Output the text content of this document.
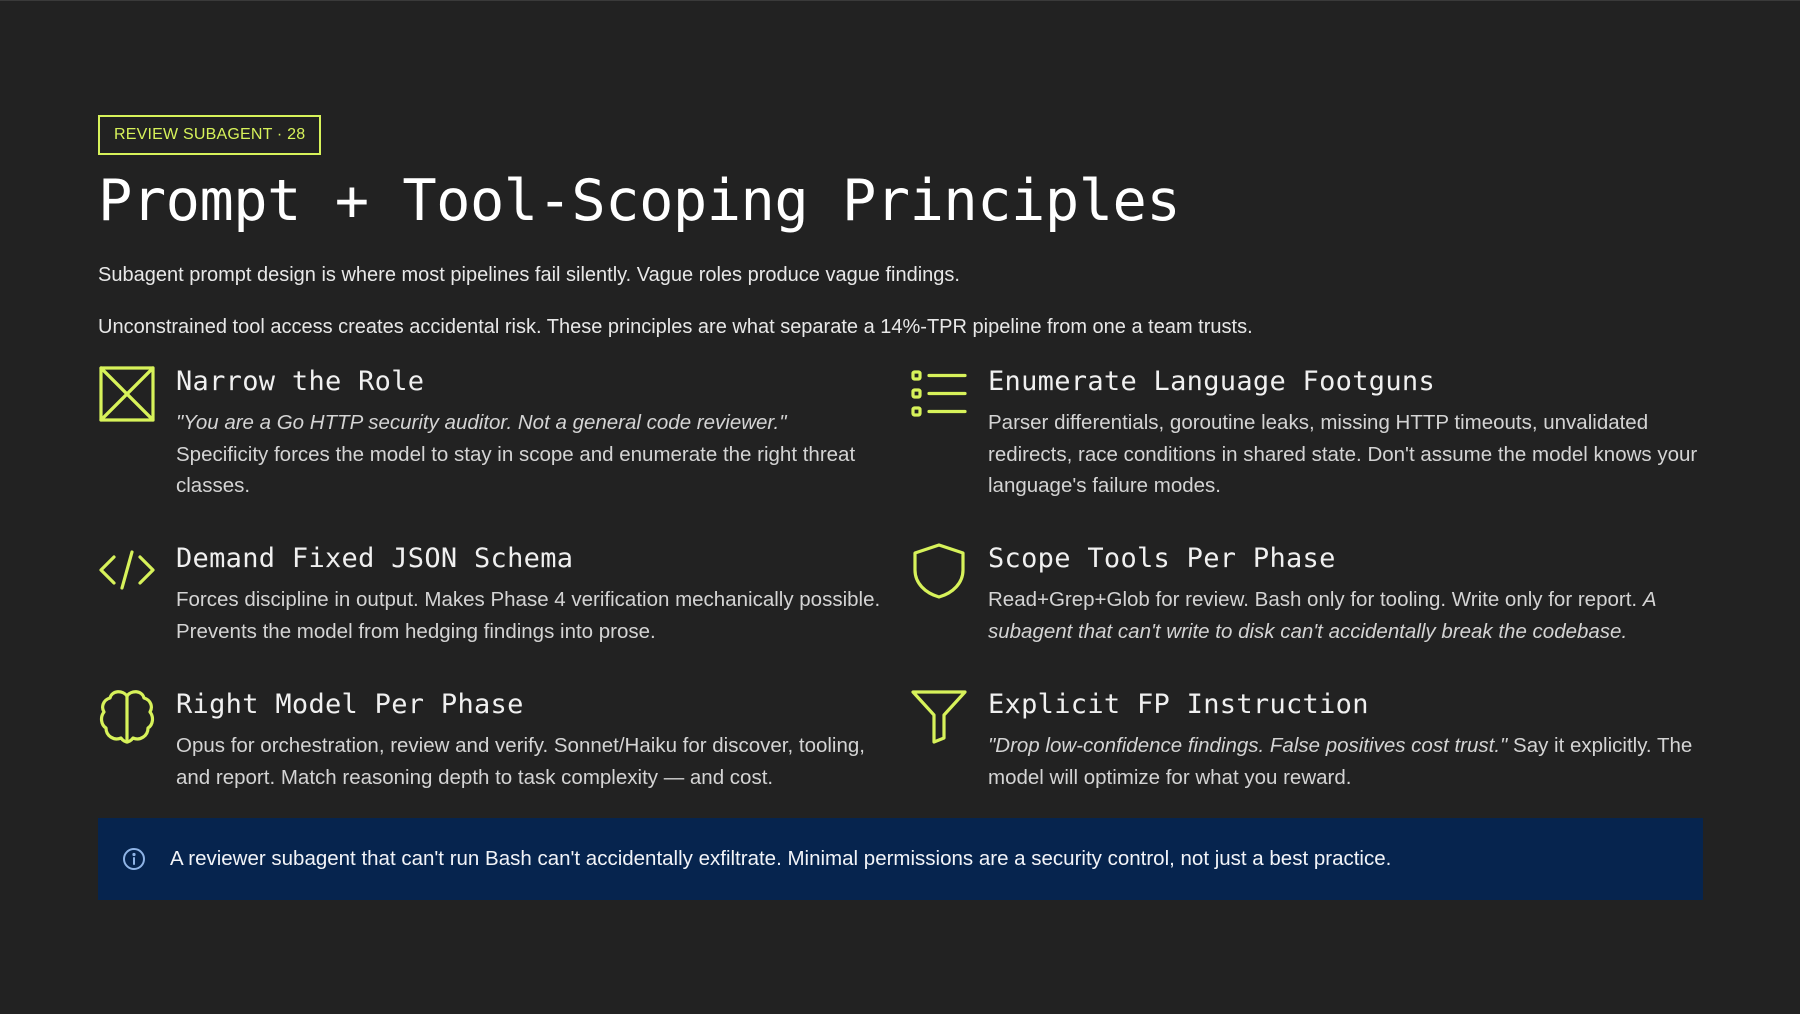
REVIEW SUBAGENT · 28
Prompt + Tool-Scoping Principles

Subagent prompt design is where most pipelines fail silently. Vague roles produce vague findings.

Unconstrained tool access creates accidental risk. These principles are what separate a 14%-TPR pipeline from one a team trusts.

Narrow the Role

"You are a Go HTTP security auditor. Not a general code reviewer."
Specificity forces the model to stay in scope and enumerate the right threat classes.

Enumerate Language Footguns

Parser differentials, goroutine leaks, missing HTTP timeouts, unvalidated redirects, race conditions in shared state. Don't assume the model knows your language's failure modes.

Demand Fixed JSON Schema

Forces discipline in output. Makes Phase 4 verification mechanically possible. Prevents the model from hedging findings into prose.

Scope Tools Per Phase

Read+Grep+Glob for review. Bash only for tooling. Write only for report. A subagent that can't write to disk can't accidentally break the codebase.

Right Model Per Phase

Opus for orchestration, review and verify. Sonnet/Haiku for discover, tooling, and report. Match reasoning depth to task complexity — and cost.

Explicit FP Instruction

"Drop low-confidence findings. False positives cost trust." Say it explicitly. The model will optimize for what you reward.

A reviewer subagent that can't run Bash can't accidentally exfiltrate. Minimal permissions are a security control, not just a best practice.
